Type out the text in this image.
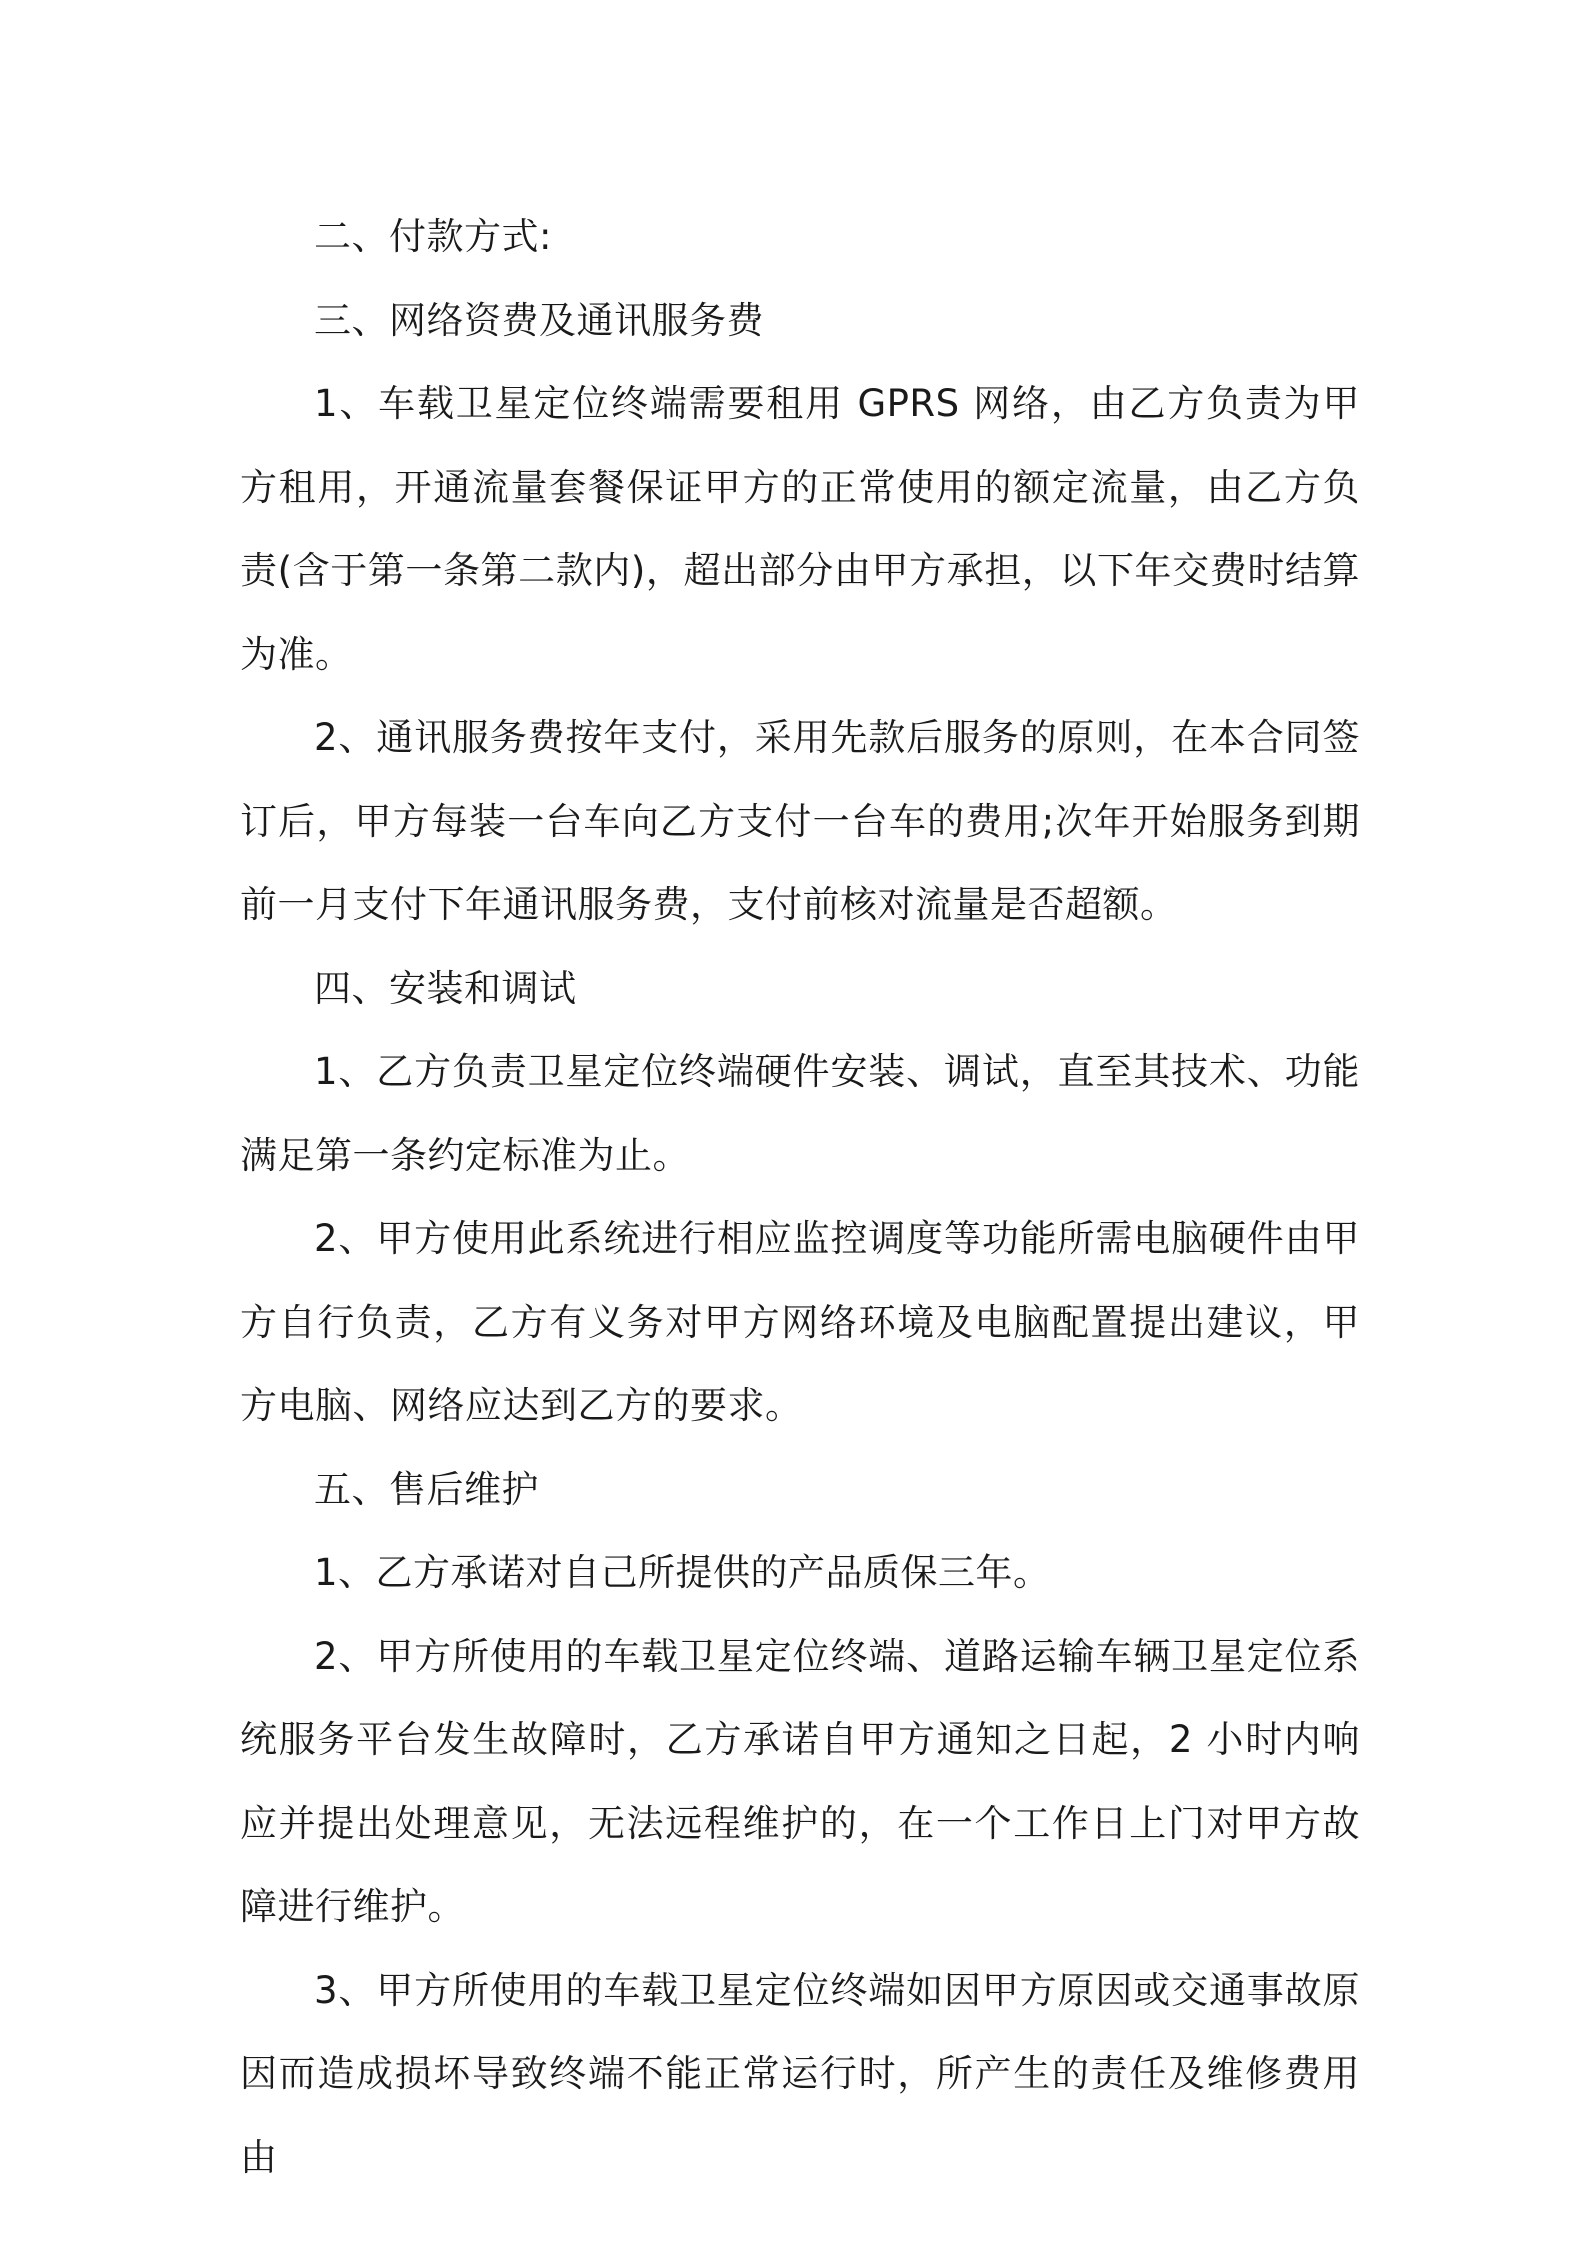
二、付款方式:

三、网络资费及通讯服务费

1、车载卫星定位终端需要租用 GPRS 网络，由乙方负责为甲方租用，开通流量套餐保证甲方的正常使用的额定流量，由乙方负责(含于第一条第二款内)，超出部分由甲方承担，以下年交费时结算为准。

2、通讯服务费按年支付，采用先款后服务的原则，在本合同签订后，甲方每装一台车向乙方支付一台车的费用;次年开始服务到期前一月支付下年通讯服务费，支付前核对流量是否超额。

四、安装和调试

1、乙方负责卫星定位终端硬件安装、调试，直至其技术、功能满足第一条约定标准为止。

2、甲方使用此系统进行相应监控调度等功能所需电脑硬件由甲方自行负责，乙方有义务对甲方网络环境及电脑配置提出建议，甲方电脑、网络应达到乙方的要求。

五、售后维护

1、乙方承诺对自己所提供的产品质保三年。

2、甲方所使用的车载卫星定位终端、道路运输车辆卫星定位系统服务平台发生故障时，乙方承诺自甲方通知之日起，2 小时内响应并提出处理意见，无法远程维护的，在一个工作日上门对甲方故障进行维护。

3、甲方所使用的车载卫星定位终端如因甲方原因或交通事故原因而造成损坏导致终端不能正常运行时，所产生的责任及维修费用由
